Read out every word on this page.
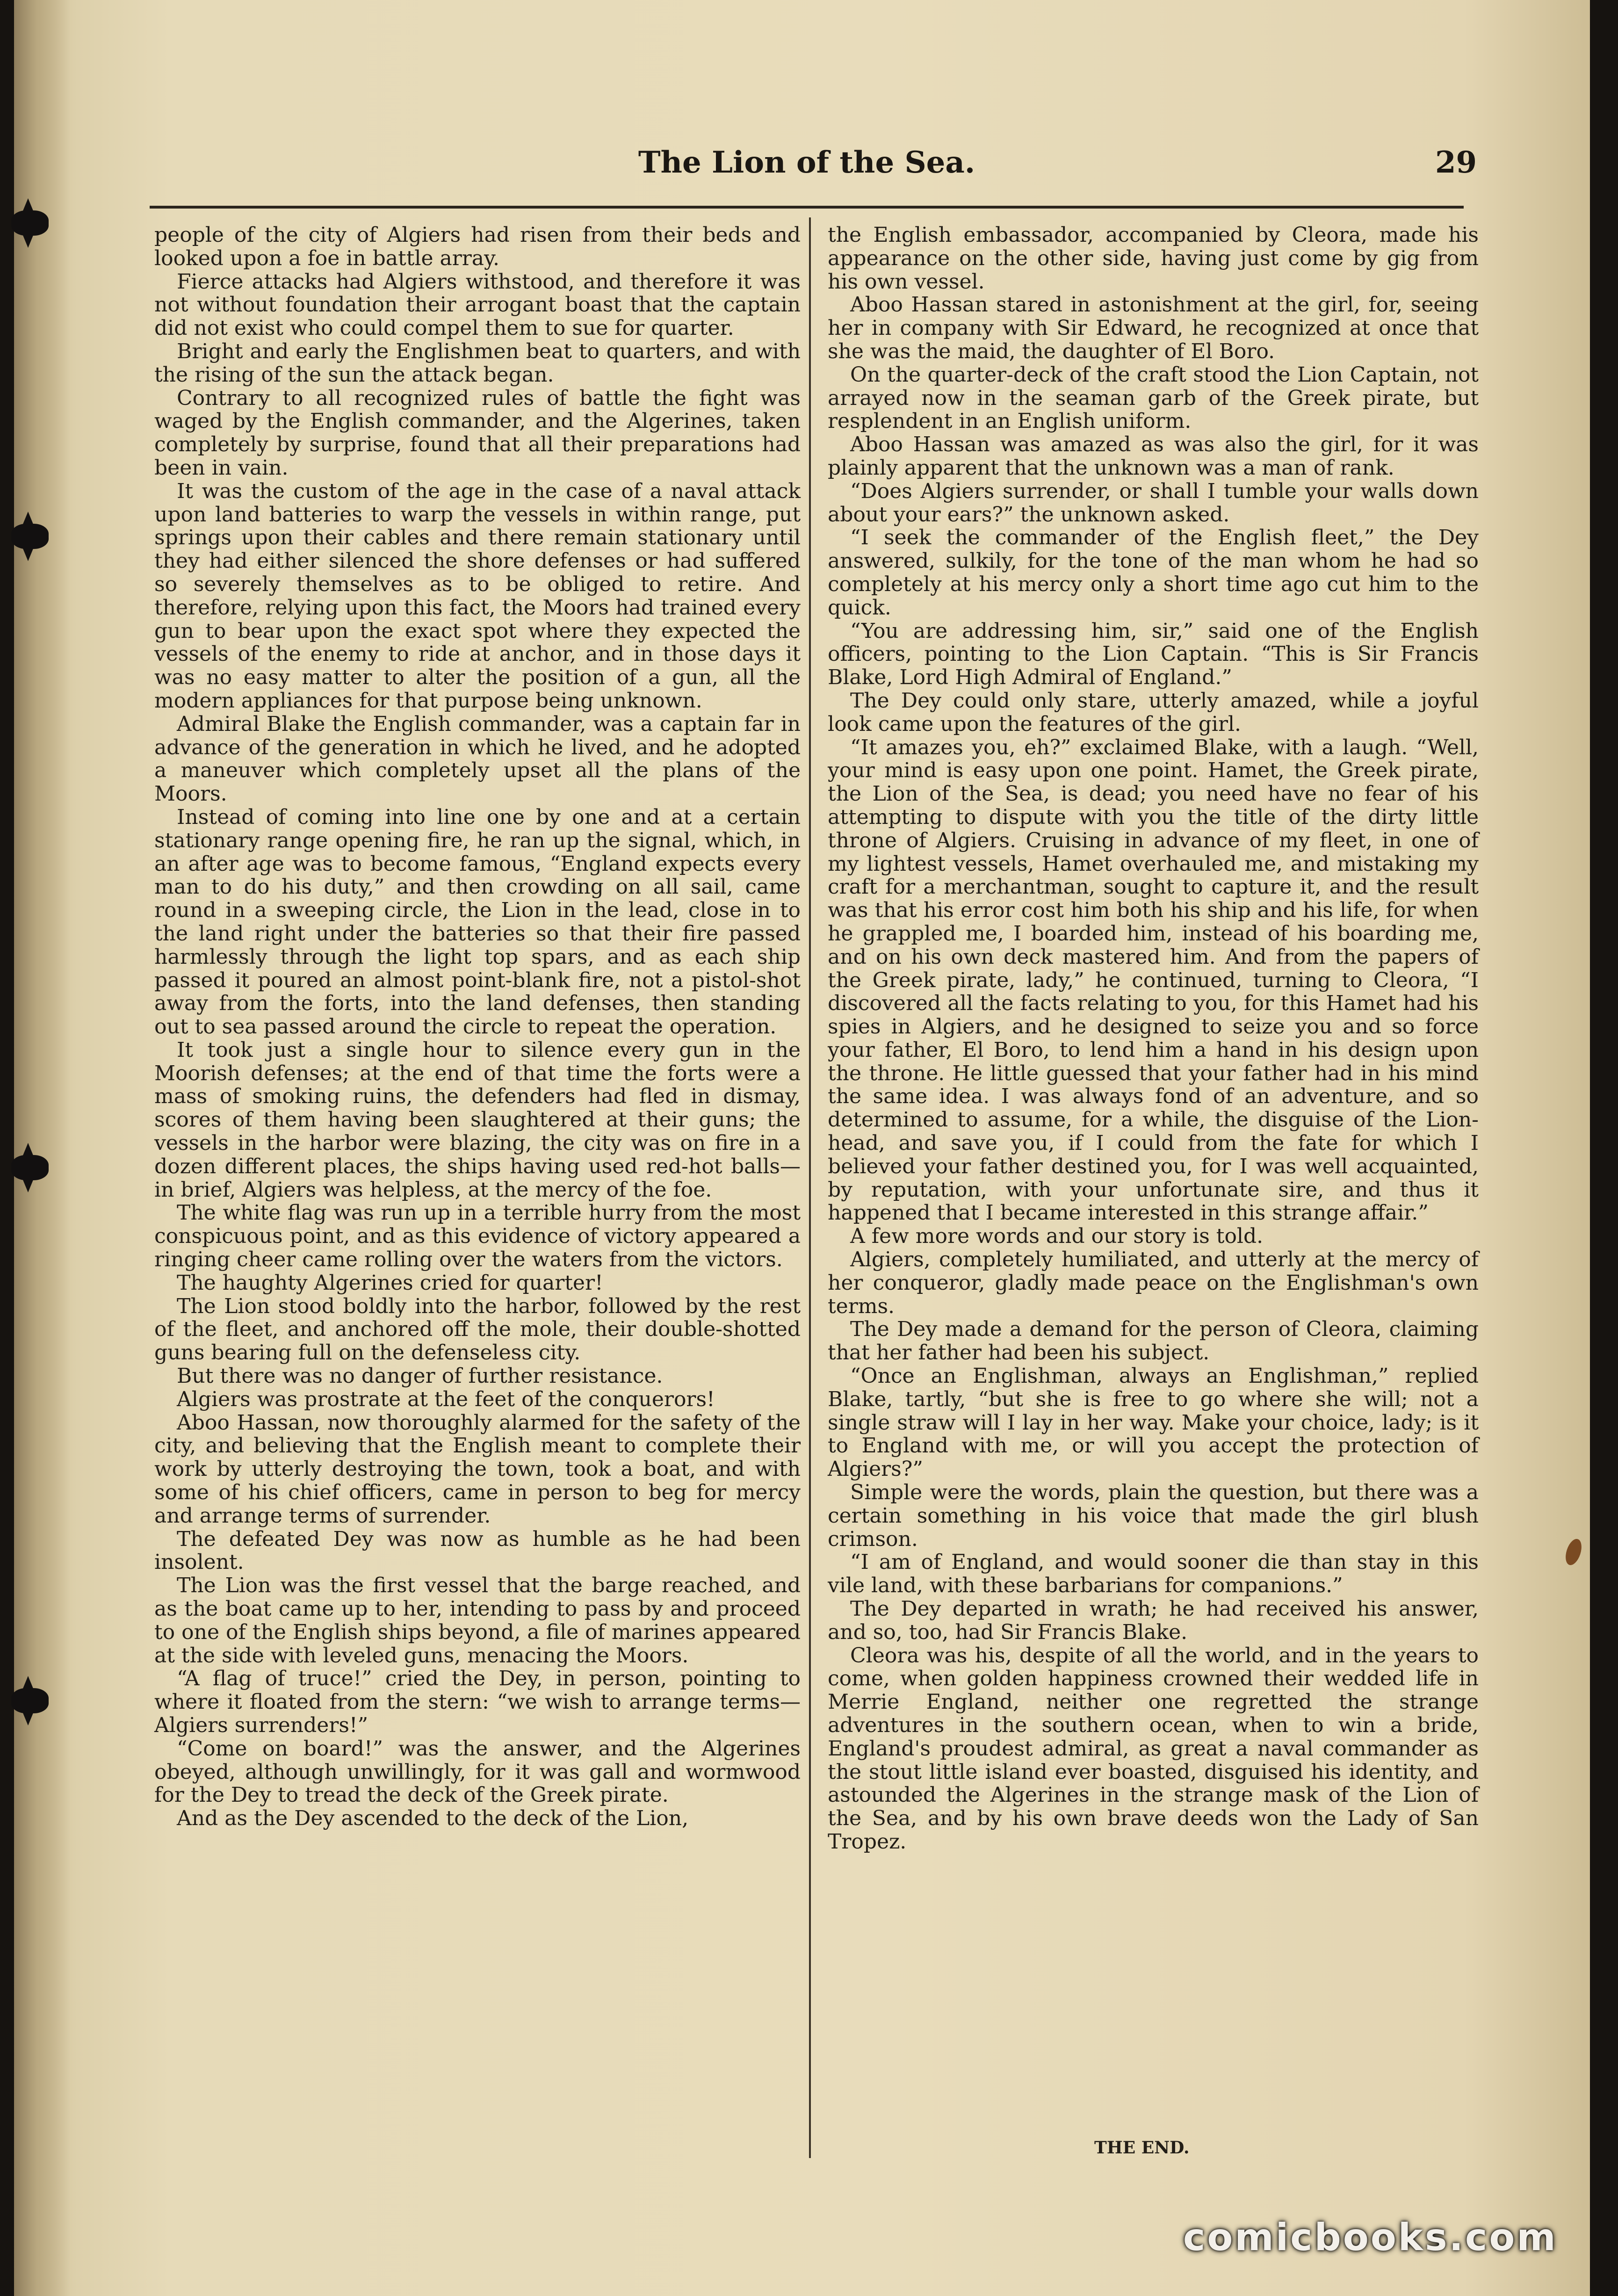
The Lion of the Sea.	29

people of the city of Algiers had risen from their beds and looked upon a foe in battle array.

Fierce attacks had Algiers withstood, and therefore it was not without foundation their arrogant boast that the captain did not exist who could compel them to sue for quarter.

Bright and early the Englishmen beat to quarters, and with the rising of the sun the attack began.

Contrary to all recognized rules of battle the fight was waged by the English commander, and the Algerines, taken completely by surprise, found that all their preparations had been in vain.

It was the custom of the age in the case of a naval attack upon land batteries to warp the vessels in within range, put springs upon their cables and there remain stationary until they had either silenced the shore defenses or had suffered so severely themselves as to be obliged to retire. And therefore, relying upon this fact, the Moors had trained every gun to bear upon the exact spot where they expected the vessels of the enemy to ride at anchor, and in those days it was no easy matter to alter the position of a gun, all the modern appliances for that purpose being unknown.

Admiral Blake the English commander, was a captain far in advance of the generation in which he lived, and he adopted a maneuver which completely upset all the plans of the Moors.

Instead of coming into line one by one and at a certain stationary range opening fire, he ran up the signal, which, in an after age was to become famous, “England expects every man to do his duty,” and then crowding on all sail, came round in a sweeping circle, the Lion in the lead, close in to the land right under the batteries so that their fire passed harmlessly through the light top spars, and as each ship passed it poured an almost point-blank fire, not a pistol-shot away from the forts, into the land defenses, then standing out to sea passed around the circle to repeat the operation.

It took just a single hour to silence every gun in the Moorish defenses; at the end of that time the forts were a mass of smoking ruins, the defenders had fled in dismay, scores of them having been slaughtered at their guns; the vessels in the harbor were blazing, the city was on fire in a dozen different places, the ships having used red-hot balls—in brief, Algiers was helpless, at the mercy of the foe.

The white flag was run up in a terrible hurry from the most conspicuous point, and as this evidence of victory appeared a ringing cheer came rolling over the waters from the victors.

The haughty Algerines cried for quarter!

The Lion stood boldly into the harbor, followed by the rest of the fleet, and anchored off the mole, their double-shotted guns bearing full on the defenseless city.

But there was no danger of further resistance.

Algiers was prostrate at the feet of the conquerors!

Aboo Hassan, now thoroughly alarmed for the safety of the city, and believing that the English meant to complete their work by utterly destroying the town, took a boat, and with some of his chief officers, came in person to beg for mercy and arrange terms of surrender.

The defeated Dey was now as humble as he had been insolent.

The Lion was the first vessel that the barge reached, and as the boat came up to her, intending to pass by and proceed to one of the English ships beyond, a file of marines appeared at the side with leveled guns, menacing the Moors.

“A flag of truce!” cried the Dey, in person, pointing to where it floated from the stern: “we wish to arrange terms—Algiers surrenders!”

“Come on board!” was the answer, and the Algerines obeyed, although unwillingly, for it was gall and wormwood for the Dey to tread the deck of the Greek pirate.

And as the Dey ascended to the deck of the Lion,

the English embassador, accompanied by Cleora, made his appearance on the other side, having just come by gig from his own vessel.

Aboo Hassan stared in astonishment at the girl, for, seeing her in company with Sir Edward, he recognized at once that she was the maid, the daughter of El Boro.

On the quarter-deck of the craft stood the Lion Captain, not arrayed now in the seaman garb of the Greek pirate, but resplendent in an English uniform.

Aboo Hassan was amazed as was also the girl, for it was plainly apparent that the unknown was a man of rank.

“Does Algiers surrender, or shall I tumble your walls down about your ears?” the unknown asked.

“I seek the commander of the English fleet,” the Dey answered, sulkily, for the tone of the man whom he had so completely at his mercy only a short time ago cut him to the quick.

“You are addressing him, sir,” said one of the English officers, pointing to the Lion Captain. “This is Sir Francis Blake, Lord High Admiral of England.”

The Dey could only stare, utterly amazed, while a joyful look came upon the features of the girl.

“It amazes you, eh?” exclaimed Blake, with a laugh. “Well, your mind is easy upon one point. Hamet, the Greek pirate, the Lion of the Sea, is dead; you need have no fear of his attempting to dispute with you the title of the dirty little throne of Algiers. Cruising in advance of my fleet, in one of my lightest vessels, Hamet overhauled me, and mistaking my craft for a merchantman, sought to capture it, and the result was that his error cost him both his ship and his life, for when he grappled me, I boarded him, instead of his boarding me, and on his own deck mastered him. And from the papers of the Greek pirate, lady,” he continued, turning to Cleora, “I discovered all the facts relating to you, for this Hamet had his spies in Algiers, and he designed to seize you and so force your father, El Boro, to lend him a hand in his design upon the throne. He little guessed that your father had in his mind the same idea. I was always fond of an adventure, and so determined to assume, for a while, the disguise of the Lion-head, and save you, if I could from the fate for which I believed your father destined you, for I was well acquainted, by reputation, with your unfortunate sire, and thus it happened that I became interested in this strange affair.”

A few more words and our story is told.

Algiers, completely humiliated, and utterly at the mercy of her conqueror, gladly made peace on the Englishman's own terms.

The Dey made a demand for the person of Cleora, claiming that her father had been his subject.

“Once an Englishman, always an Englishman,” replied Blake, tartly, “but she is free to go where she will; not a single straw will I lay in her way. Make your choice, lady; is it to England with me, or will you accept the protection of Algiers?”

Simple were the words, plain the question, but there was a certain something in his voice that made the girl blush crimson.

“I am of England, and would sooner die than stay in this vile land, with these barbarians for companions.”

The Dey departed in wrath; he had received his answer, and so, too, had Sir Francis Blake.

Cleora was his, despite of all the world, and in the years to come, when golden happiness crowned their wedded life in Merrie England, neither one regretted the strange adventures in the southern ocean, when to win a bride, England's proudest admiral, as great a naval commander as the stout little island ever boasted, disguised his identity, and astounded the Algerines in the strange mask of the Lion of the Sea, and by his own brave deeds won the Lady of San Tropez.

THE END.
comicbooks.com
